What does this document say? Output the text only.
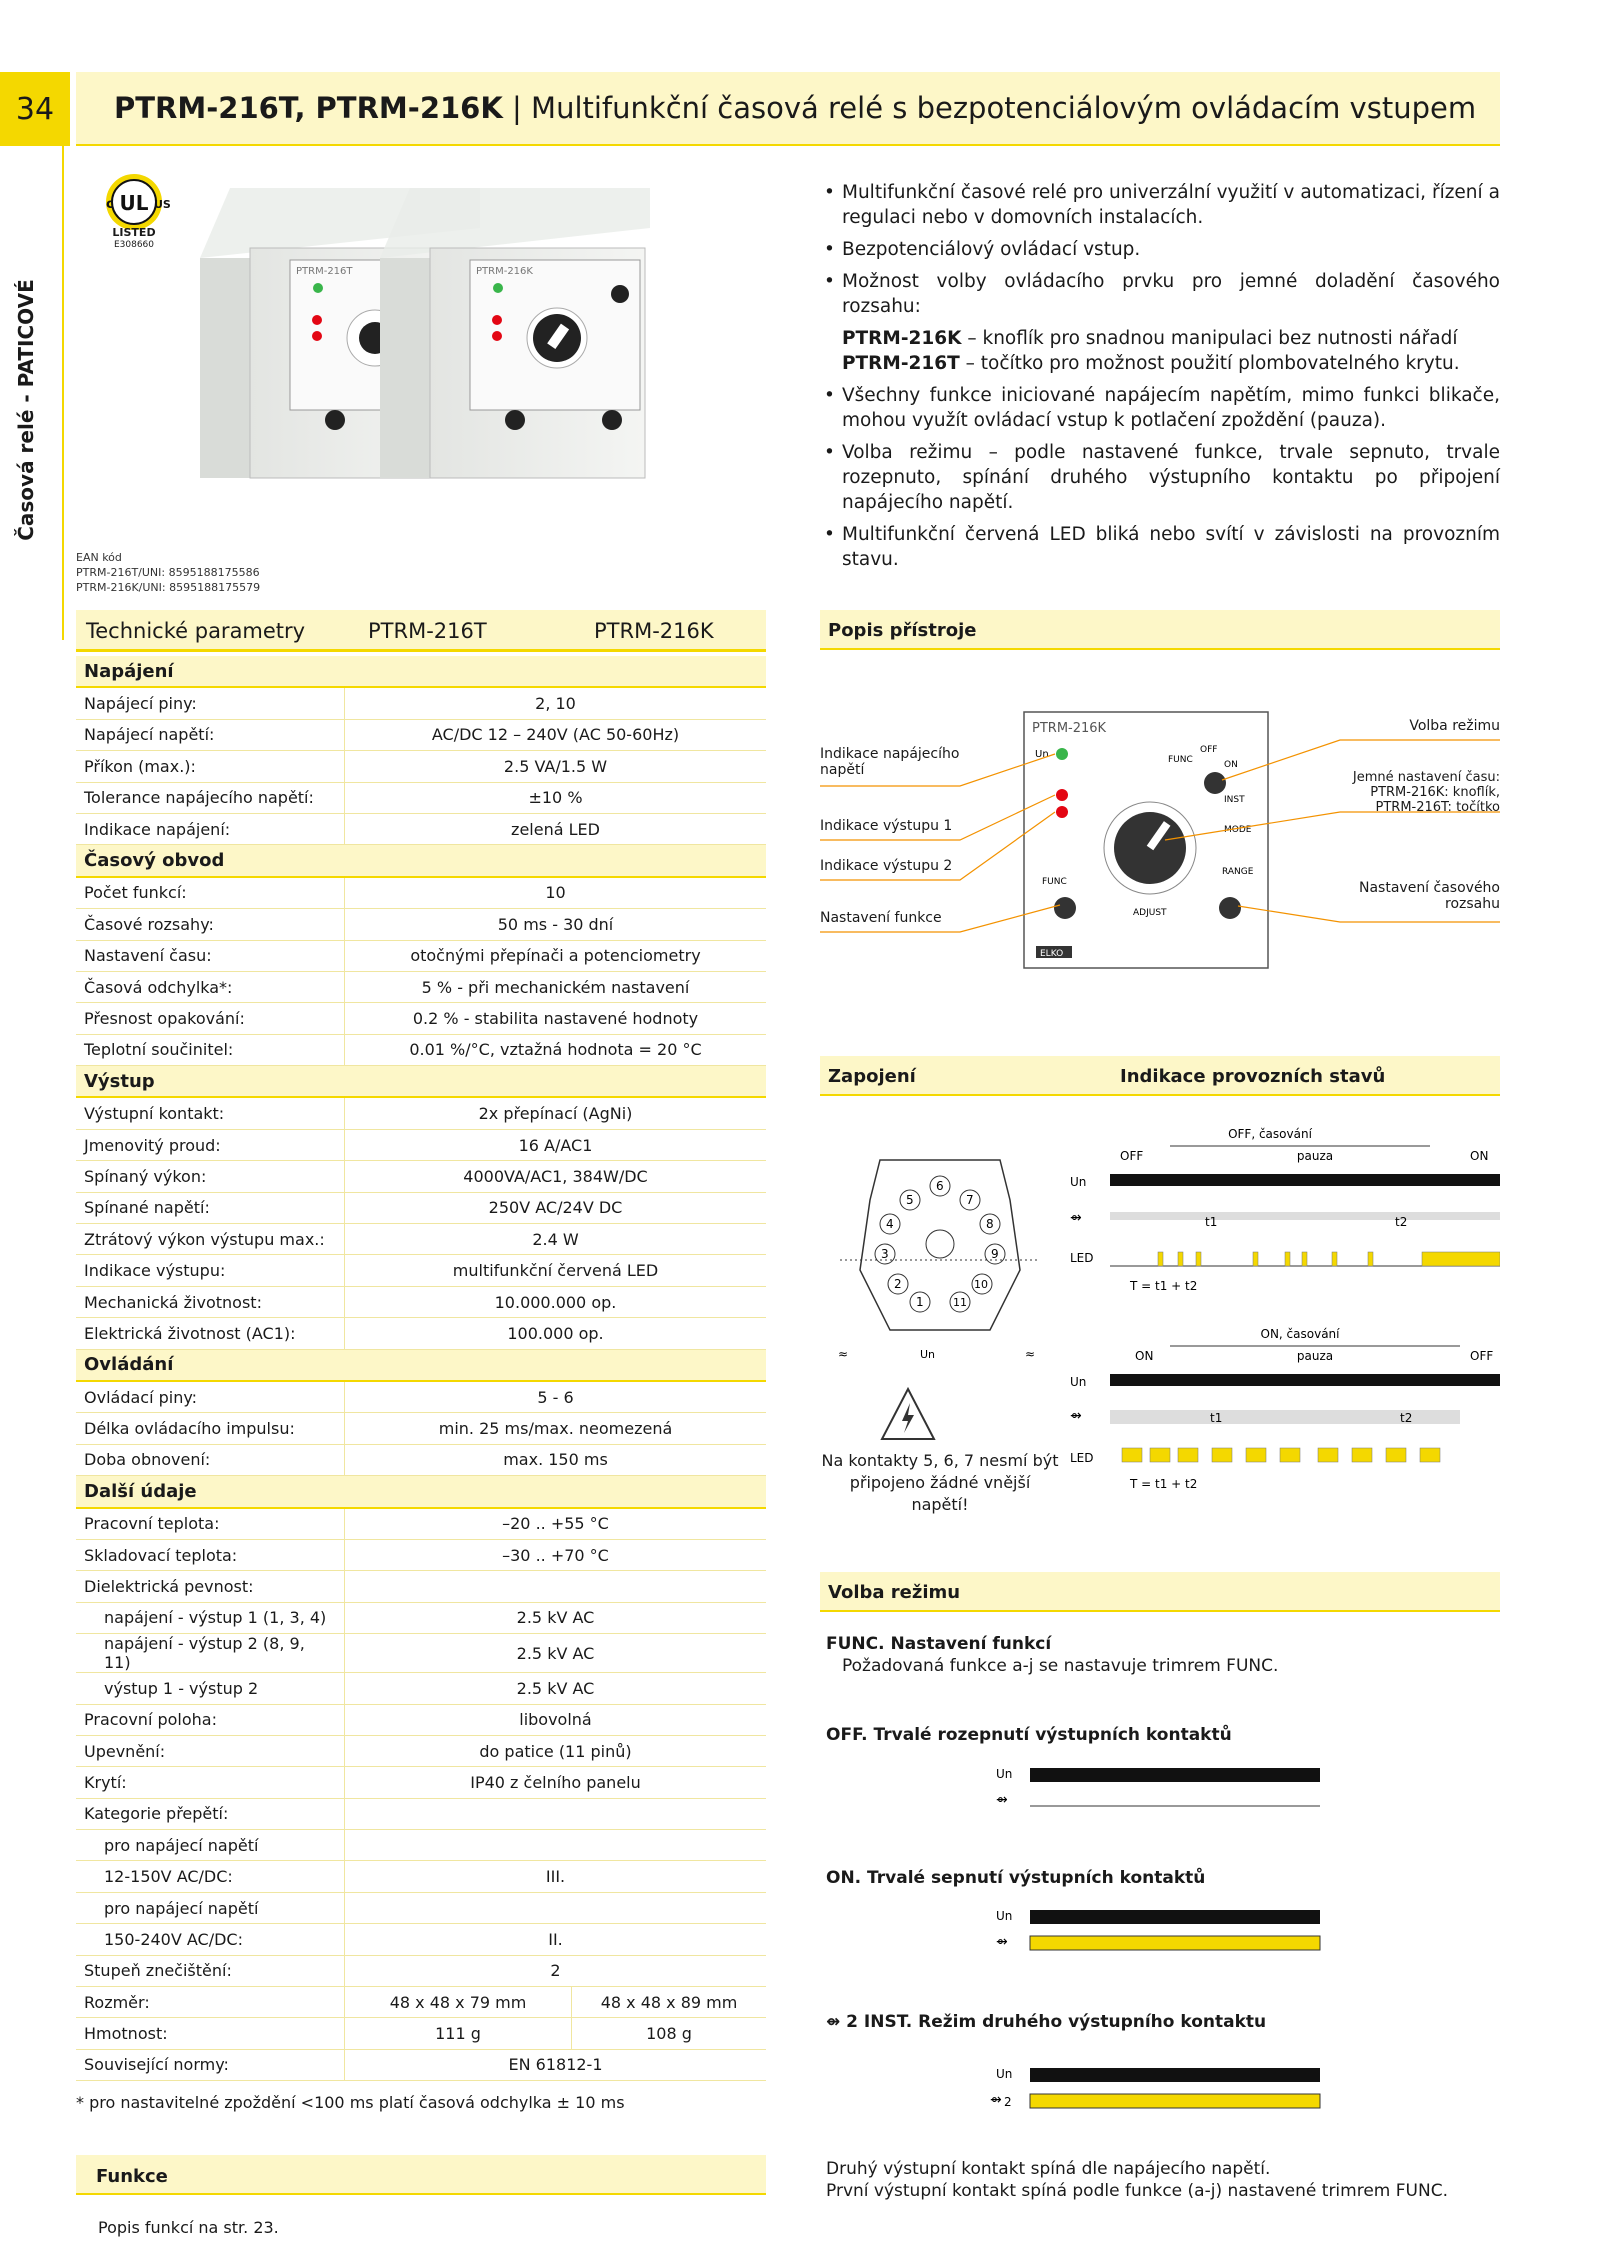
34	PTRM-216T, PTRM-216K
|
Multifunkční časová relé s bezpotenciálovým ovládacím vstupem
Časová relé - PATICOVÉ
UL
c	US
LISTED
E308660
PTRM-216T	PTRM-216K
EAN kód
PTRM-216T/UNI: 8595188175586
PTRM-216K/UNI: 8595188175579
• Multifunkční časové relé pro univerzální využití v automatizaci, řízení a regulaci nebo v domovních instalacích.
• Bezpotenciálový ovládací vstup.
• Možnost volby ovládacího prvku pro jemné doladění časového rozsahu:
PTRM-216K – knoflík pro snadnou manipulaci bez nutnosti nářadí
PTRM-216T – točítko pro možnost použití plombovatelného krytu.
• Všechny funkce iniciované napájecím napětím, mimo funkci blikače, mohou využít ovládací vstup k potlačení zpoždění (pauza).
• Volba režimu – podle nastavené funkce, trvale sepnuto, trvale rozepnuto, spínání druhého výstupního kontaktu po připojení napájecího napětí.
• Multifunkční červená LED bliká nebo svítí v závislosti na provozním stavu.
Technické parametry	PTRM-216T	PTRM-216K
Napájení		
Napájecí piny:	2, 10	
Napájecí napětí:	AC/DC 12 – 240V (AC 50-60Hz)	
Příkon (max.):	2.5 VA/1.5 W	
Tolerance napájecího napětí:	±10 %	
Indikace napájení:	zelená LED	
Časový obvod		
Počet funkcí:	10	
Časové rozsahy:	50 ms - 30 dní	
Nastavení času:	otočnými přepínači a potenciometry	
Časová odchylka*:	5 % - při mechanickém nastavení	
Přesnost opakování:	0.2 % - stabilita nastavené hodnoty	
Teplotní součinitel:	0.01 %/°C, vztažná hodnota = 20 °C	
Výstup		
Výstupní kontakt:	2x přepínací (AgNi)	
Jmenovitý proud:	16 A/AC1	
Spínaný výkon:	4000VA/AC1, 384W/DC	
Spínané napětí:	250V AC/24V DC	
Ztrátový výkon výstupu max.:	2.4 W	
Indikace výstupu:	multifunkční červená LED	
Mechanická životnost:	10.000.000 op.	
Elektrická životnost (AC1):	100.000 op.	
Ovládání		
Ovládací piny:	5 - 6	
Délka ovládacího impulsu:	min. 25 ms/max. neomezená	
Doba obnovení:	max. 150 ms	
Další údaje		
Pracovní teplota:	–20 .. +55 °C	
Skladovací teplota:	–30 .. +70 °C	
Dielektrická pevnost:		
napájení - výstup 1 (1, 3, 4)	2.5 kV AC	
napájení - výstup 2 (8, 9, 11)	2.5 kV AC	
výstup 1 - výstup 2	2.5 kV AC	
Pracovní poloha:	libovolná	
Upevnění:	do patice (11 pinů)	
Krytí:	IP40 z čelního panelu	
Kategorie přepětí:		
pro napájecí napětí		
12-150V AC/DC:	III.	
pro napájecí napětí		
150-240V AC/DC:	II.	
Stupeň znečištění:	2	
Rozměr:	48 x 48 x 79 mm	48 x 48 x 89 mm
Hmotnost:	111 g	108 g
Související normy:	EN 61812-1	
* pro nastavitelné zpoždění <100 ms platí časová odchylka ± 10 ms
Funkce
Popis funkcí na str. 23.
Popis přístroje
PTRM-216K
Un
ADJUST
FUNC
OFF
ON
INST
MODE
RANGE
FUNC
ELKO
Indikace napájecího napětí
Indikace výstupu 1
Indikace výstupu 2
Nastavení funkce
Volba režimu
Jemné nastavení času: PTRM-216K: knoflík, PTRM-216T: točítko
Nastavení časového rozsahu
Zapojení	Indikace provozních stavů
5
6
7
4	8
3	9
2	10
1	11
≈	Un	≈
Na kontakty 5, 6, 7 nesmí být připojeno žádné vnější napětí!
OFF, časování
OFF	pauza	ON
Un
⇴	t1	t2
LED
T = t1 + t2
ON, časování
ON	pauza	OFF
Un
⇴	t1	t2
LED
T = t1 + t2
Volba režimu
FUNC. Nastavení funkcí
Požadovaná funkce a-j se nastavuje trimrem FUNC.
OFF. Trvalé rozepnutí výstupních kontaktů
Un
⇴
ON. Trvalé sepnutí výstupních kontaktů
Un
⇴
⇴ 2 INST. Režim druhého výstupního kontaktu
Un
⇴ 2
Druhý výstupní kontakt spíná dle napájecího napětí.
První výstupní kontakt spíná podle funkce (a-j) nastavené trimrem FUNC.
